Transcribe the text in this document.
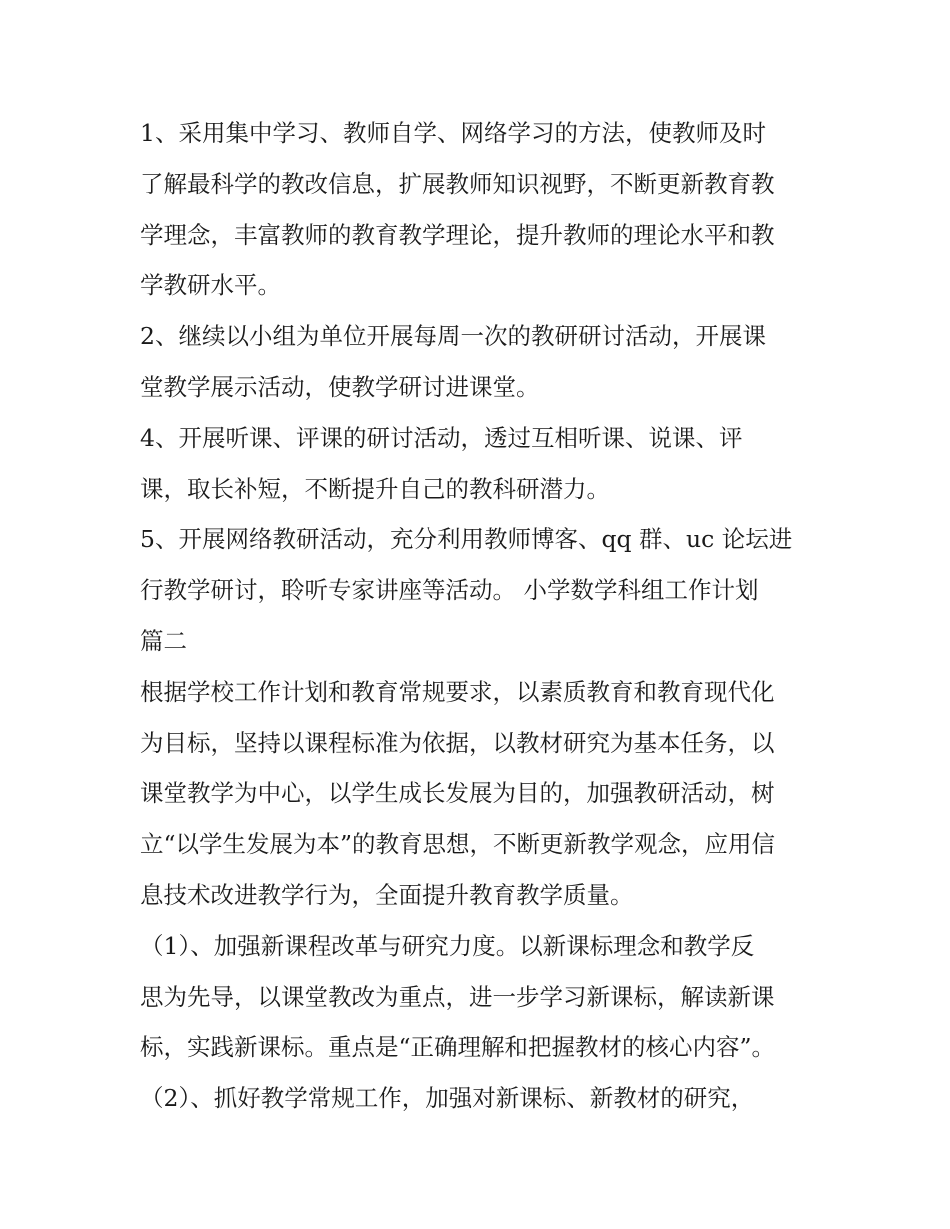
1、采用集中学习、教师自学、网络学习的方法，使教师及时

了解最科学的教改信息，扩展教师知识视野，不断更新教育教

学理念，丰富教师的教育教学理论，提升教师的理论水平和教

学教研水平。

2、继续以小组为单位开展每周一次的教研研讨活动，开展课

堂教学展示活动，使教学研讨进课堂。

4、开展听课、评课的研讨活动，透过互相听课、说课、评

课，取长补短，不断提升自己的教科研潜力。

5、开展网络教研活动，充分利用教师博客、qq 群、uc 论坛进

行教学研讨，聆听专家讲座等活动。 小学数学科组工作计划

篇二

根据学校工作计划和教育常规要求，以素质教育和教育现代化

为目标，坚持以课程标准为依据，以教材研究为基本任务，以

课堂教学为中心，以学生成长发展为目的，加强教研活动，树

立“以学生发展为本”的教育思想，不断更新教学观念，应用信

息技术改进教学行为，全面提升教育教学质量。

（1）、加强新课程改革与研究力度。以新课标理念和教学反

思为先导，以课堂教改为重点，进一步学习新课标，解读新课

标，实践新课标。重点是“正确理解和把握教材的核心内容”。

（2）、抓好教学常规工作，加强对新课标、新教材的研究，
